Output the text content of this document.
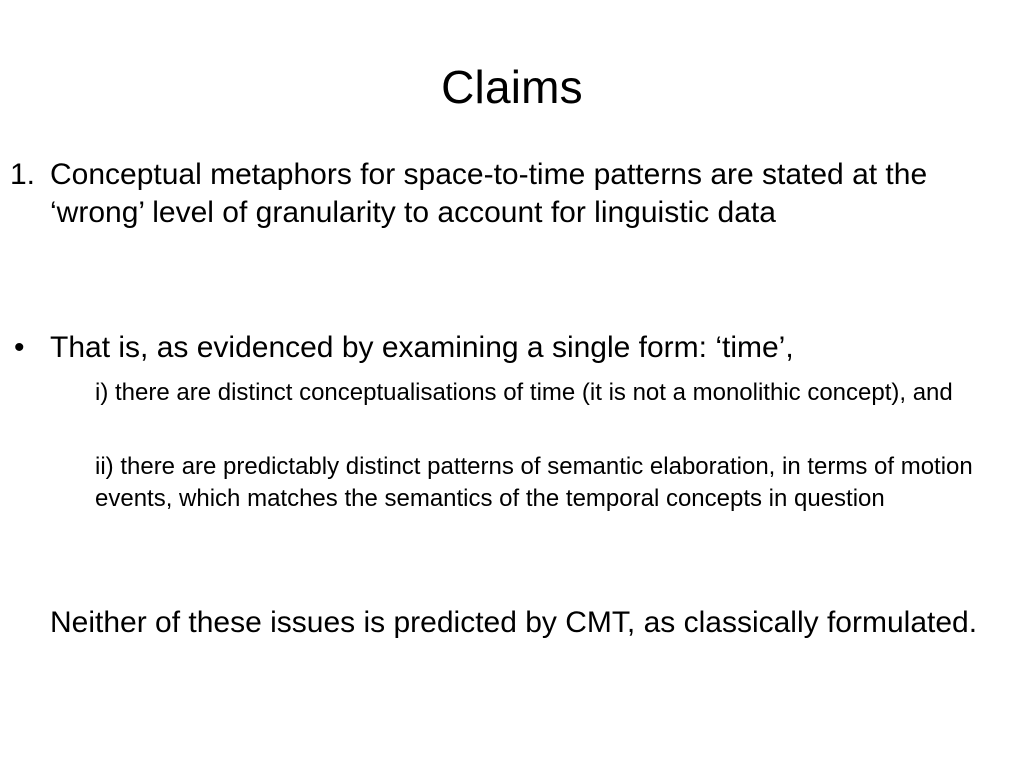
Claims
1. Conceptual metaphors for space-to-time patterns are stated at the ‘wrong’ level of granularity to account for linguistic data
• That is, as evidenced by examining a single form: ‘time’,
i) there are distinct conceptualisations of time (it is not a monolithic concept), and
ii) there are predictably distinct patterns of semantic elaboration, in terms of motion events, which matches the semantics of the temporal concepts in question
Neither of these issues is predicted by CMT, as classically formulated.
